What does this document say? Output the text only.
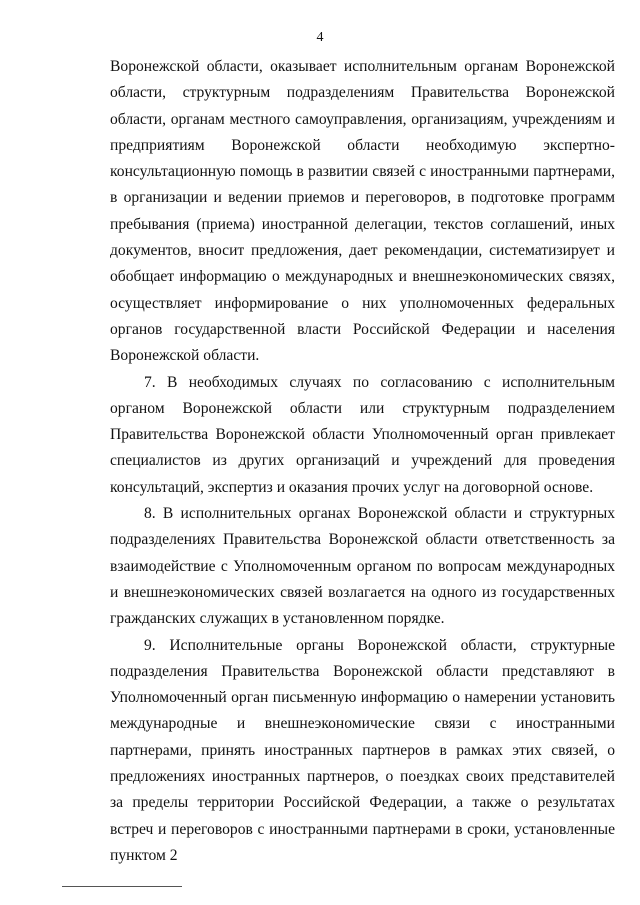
4

Воронежской области, оказывает исполнительным органам Воронежской области, структурным подразделениям Правительства Воронежской области, органам местного самоуправления, организациям, учреждениям и предприятиям Воронежской области необходимую экспертно-консультационную помощь в развитии связей с иностранными партнерами, в организации и ведении приемов и переговоров, в подготовке программ пребывания (приема) иностранной делегации, текстов соглашений, иных документов, вносит предложения, дает рекомендации, систематизирует и обобщает информацию о международных и внешнеэкономических связях, осуществляет информирование о них уполномоченных федеральных органов государственной власти Российской Федерации и населения Воронежской области.

7. В необходимых случаях по согласованию с исполнительным органом Воронежской области или структурным подразделением Правительства Воронежской области Уполномоченный орган привлекает специалистов из других организаций и учреждений для проведения консультаций, экспертиз и оказания прочих услуг на договорной основе.

8. В исполнительных органах Воронежской области и структурных подразделениях Правительства Воронежской области ответственность за взаимодействие с Уполномоченным органом по вопросам международных и внешнеэкономических связей возлагается на одного из государственных гражданских служащих в установленном порядке.

9. Исполнительные органы Воронежской области, структурные подразделения Правительства Воронежской области представляют в Уполномоченный орган письменную информацию о намерении установить международные и внешнеэкономические связи с иностранными партнерами, принять иностранных партнеров в рамках этих связей, о предложениях иностранных партнеров, о поездках своих представителей за пределы территории Российской Федерации, а также о результатах встреч и переговоров с иностранными партнерами в сроки, установленные пунктом 2
